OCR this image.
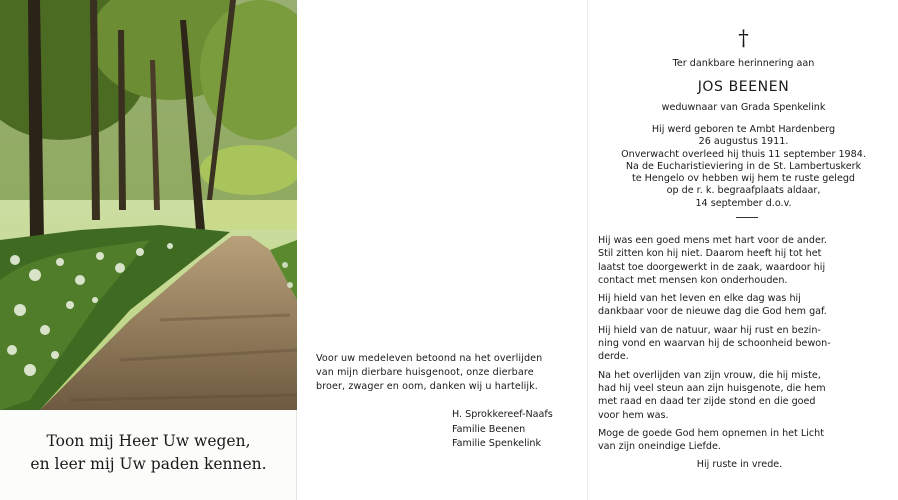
Toon mij Heer Uw wegen,
en leer mij Uw paden kennen.
Voor uw medeleven betoond na het overlijden
van mijn dierbare huisgenoot, onze dierbare
broer, zwager en oom, danken wij u hartelijk.
H. Sprokkereef-Naafs
Familie Beenen
Familie Spenkelink
†
Ter dankbare herinnering aan
JOS BEENEN
weduwnaar van Grada Spenkelink
Hij werd geboren te Ambt Hardenberg
26 augustus 1911.
Onverwacht overleed hij thuis 11 september 1984.
Na de Eucharistieviering in de St. Lambertuskerk
te Hengelo ov hebben wij hem te ruste gelegd
op de r. k. begraafplaats aldaar,
14 september d.o.v.

Hij was een goed mens met hart voor de ander.
Stil zitten kon hij niet. Daarom heeft hij tot het
laatst toe doorgewerkt in de zaak, waardoor hij
contact met mensen kon onderhouden.

Hij hield van het leven en elke dag was hij
dankbaar voor de nieuwe dag die God hem gaf.

Hij hield van de natuur, waar hij rust en bezin-
ning vond en waarvan hij de schoonheid bewon-
derde.

Na het overlijden van zijn vrouw, die hij miste,
had hij veel steun aan zijn huisgenote, die hem
met raad en daad ter zijde stond en die goed
voor hem was.

Moge de goede God hem opnemen in het Licht
van zijn oneindige Liefde.

Hij ruste in vrede.
